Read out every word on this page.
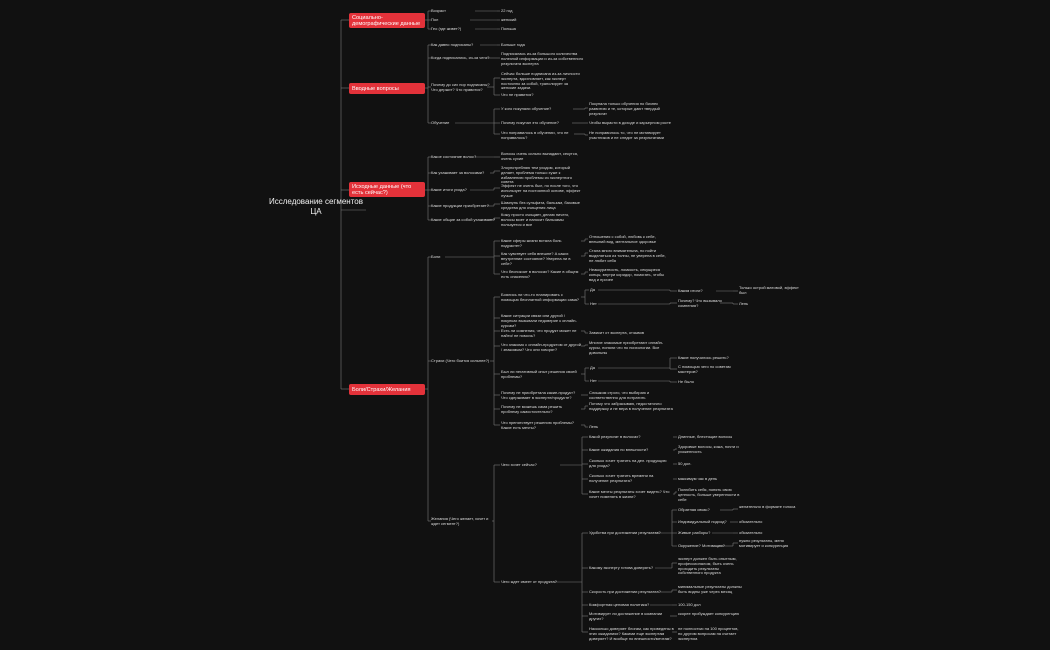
Исследование сегментов ЦА
Социально-демографические данные
Возраст	22 год
Пол	женский
Гео (где живет?)	Польша
Вводные вопросы
Как давно подписаны?	Больше года
Когда подписались, из-за чего?
Подписалась из-за большого количества полезной информации и из-за собственного результата эксперта
Почему до сих пор подписаны? Что держит? Что нравится?
Сейчас больше подписана из-за личности эксперта, вдохновляет, как эксперт постоянно за собой, транслирует за женские задачи.
Что не нравится?
Обучение
У кого покупали обучение?
Покупала только обучения по бизнес развитию и те, которые дают твердый результат
Почему покупал это обучение?	Чтобы вырасти в доходе и карьерном росте
Что понравилось в обучении, что не понравилось?
Не понравилось то, что не мотивирует участников и не следит за результатами
Исходные данные (что есть сейчас?)
Какое состояние волос?
Волосы очень сильно выпадают, секутся, очень сухие
Как ухаживает за волосами?
Злоупотребляю тем уходом, который делает, проблема только хуже к избавлению проблемы из экспертного совета
Какие итоги ухода?
Эффект не очень был, но после того, что использует на постоянной основе, эффект лучше
Какие продукции приобретает?
Шампунь без сульфата, бальзам, базовые средства для очищения лица
Какие общие за собой ухаживает?
Кожу просто очищает, делаю ничего, волосы моет и наносит бальзамы пользуется и все
Боли/Страхи/Желания
Боли
Какие сферы жизни встала боль подрастет?
Отношения с собой, любовь к себе, внешний вид, ментальное здоровье
Как чувствует себя внешне? А каких внутренние состояние? Уверена ли в себе?
Стала много внимательна, но пойти выделяться из толпы, не уверена в себе, не любит себя
Что беспокоит в волосах? Какие в общем есть опасения?
Неаккуратность, ломкость, секущиеся концы, внутри коридор, помогать, чтобы вид и прочее
Страхи (Чего боится сильнее?)
Боялись ли что-то планировать с помощью бесплатной информации сама?
Да
Нет
Каким итоги?
Почему? Что вызывало сомнения?
Только острой матовой, эффект был
Лень
Какие ситуации связи или другой / покупках вызывали недоверие к онлайн-курсам?
Есть ли сомнения, что продукт может не найти/ не помочь?
Зависит от эксперта, отзывов
Что знакомо с онлайн-продуктом от другой / знакомым? Что они говорят?
Многие знакомые приобретают онлайн-курсы, поняли что по психологии. Все довольны
Был ли негативный опыт решения своей проблемы?
Да
Нет
Какие получилось решить?
С помощью чего по советам мастеров?
Не было
Почему не приобретала какие-продукт? Что сдерживает в эксперте/продукте?
Слишком строго, что выбираю и соответственно для потратить
Почему не можешь сама решить проблему самостоятельно?
Потому что забрасываю, недостаточно поддержку и не вера в получение результата
Что препятствует решению проблемы? Какие есть мечты?	Лень
Желания (Чего желает, хочет и ждет сегмент?)
Чего хочет сейчас?
Какой результат в волосах?	Длинные, блестящие волосы
Какие ожидания по внешности?
Здоровые волосы, кожа, почти и ухоженность
Сколько хочет тратить на дел. продукцию для ухода?	50 дол.
Сколько хочет тратить времени на получение результата?	максимум час в день
Какие мечты результаты хочет видеть? Что хочет поменять в жизни?
Полюбить себя, понять свою ценность, больше уверенности в себе
Чего ждет имеет от продукта?
Удобства при достижении результата?
Обратная связь?
желательно в формате голоса
Индивидуальный подход?	обязательно
Живые разборы?	обязательно
Окружение? Мотивация?
нужно результаты, меня мотивирует и конкуренция
Какому эксперту готова доверять?
эксперт должен быть опытным, профессионалом, быть очень проходить результаты собственного продукта
Скорость при достижении результата?
минимальные результаты должны быть видны уже через месяц
Комфортная ценовая политика?	100-150 дол
Мотивирует ли достижение в компании других?
скорее пробуждает конкуренцию
Насколько доверяет блогам, как проведены в этих ожиданиях? Какими еще экспертам доверяет? И вообще по внешности/мечтам?
не полностью на 100 процентов, по другим вопросам на считает экспертом.
